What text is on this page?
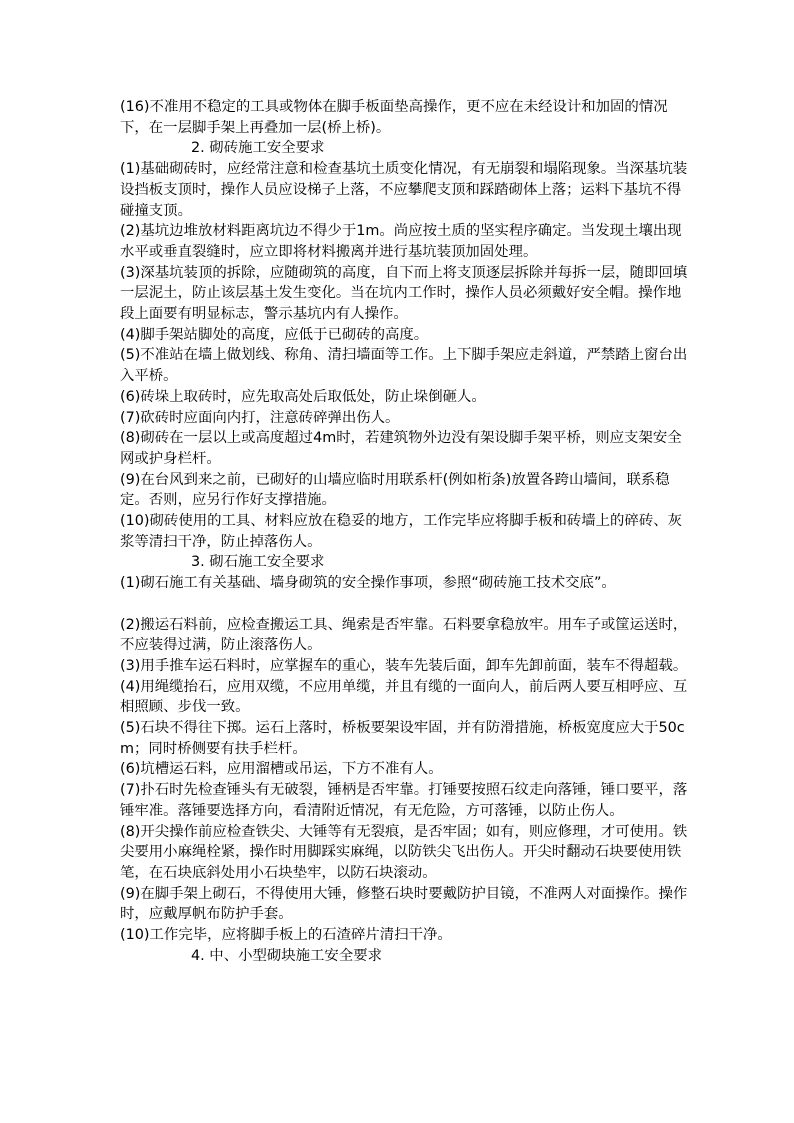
(16)不准用不稳定的工具或物体在脚手板面垫高操作，更不应在未经设计和加固的情况下，在一层脚手架上再叠加一层(桥上桥)。

2. 砌砖施工安全要求

(1)基础砌砖时，应经常注意和检查基坑土质变化情况，有无崩裂和塌陷现象。当深基坑装设挡板支顶时，操作人员应设梯子上落，不应攀爬支顶和踩踏砌体上落；运料下基坑不得碰撞支顶。

(2)基坑边堆放材料距离坑边不得少于1m。尚应按土质的坚实程序确定。当发现土壤出现水平或垂直裂缝时，应立即将材料搬离并进行基坑装顶加固处理。

(3)深基坑装顶的拆除，应随砌筑的高度，自下而上将支顶逐层拆除并每拆一层，随即回填一层泥土，防止该层基土发生变化。当在坑内工作时，操作人员必须戴好安全帽。操作地段上面要有明显标志，警示基坑内有人操作。

(4)脚手架站脚处的高度，应低于已砌砖的高度。

(5)不准站在墙上做划线、称角、清扫墙面等工作。上下脚手架应走斜道，严禁踏上窗台出入平桥。

(6)砖垛上取砖时，应先取高处后取低处，防止垛倒砸人。

(7)砍砖时应面向内打，注意砖碎弹出伤人。

(8)砌砖在一层以上或高度超过4m时，若建筑物外边没有架设脚手架平桥，则应支架安全网或护身栏杆。

(9)在台风到来之前，已砌好的山墙应临时用联系杆(例如桁条)放置各跨山墙间，联系稳定。否则，应另行作好支撑措施。

(10)砌砖使用的工具、材料应放在稳妥的地方，工作完毕应将脚手板和砖墙上的碎砖、灰浆等清扫干净，防止掉落伤人。

3. 砌石施工安全要求

(1)砌石施工有关基础、墙身砌筑的安全操作事项，参照“砌砖施工技术交底”。

(2)搬运石料前，应检查搬运工具、绳索是否牢靠。石料要拿稳放牢。用车子或筐运送时，不应装得过满，防止滚落伤人。

(3)用手推车运石料时，应掌握车的重心，装车先装后面，卸车先卸前面，装车不得超载。

(4)用绳缆抬石，应用双缆，不应用单缆，并且有缆的一面向人，前后两人要互相呼应、互相照顾、步伐一致。

(5)石块不得往下掷。运石上落时，桥板要架设牢固，并有防滑措施，桥板宽度应大于50cm；同时桥侧要有扶手栏杆。

(6)坑槽运石料，应用溜槽或吊运，下方不准有人。

(7)扑石时先检查锤头有无破裂，锤柄是否牢靠。打锤要按照石纹走向落锤，锤口要平，落锤牢准。落锤要选择方向，看清附近情况，有无危险，方可落锤，以防止伤人。

(8)开尖操作前应检查铁尖、大锤等有无裂痕，是否牢固；如有，则应修理，才可使用。铁尖要用小麻绳栓紧，操作时用脚踩实麻绳，以防铁尖飞出伤人。开尖时翻动石块要使用铁笔，在石块底斜处用小石块垫牢，以防石块滚动。

(9)在脚手架上砌石，不得使用大锤，修整石块时要戴防护目镜，不准两人对面操作。操作时，应戴厚帆布防护手套。

(10)工作完毕，应将脚手板上的石渣碎片清扫干净。

4. 中、小型砌块施工安全要求
